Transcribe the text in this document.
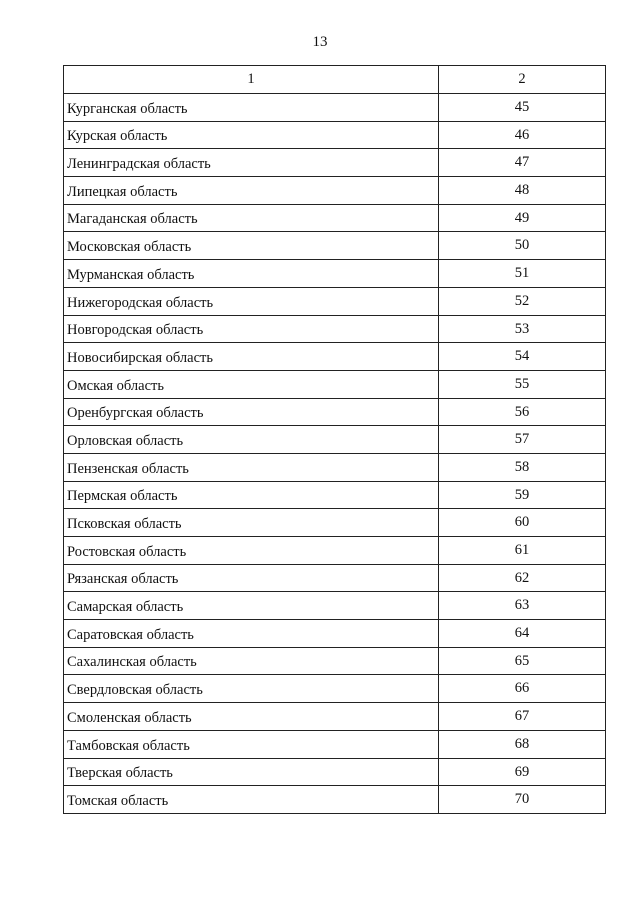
13
1	2
Курганская область	45
Курская область	46
Ленинградская область	47
Липецкая область	48
Магаданская область	49
Московская область	50
Мурманская область	51
Нижегородская область	52
Новгородская область	53
Новосибирская область	54
Омская область	55
Оренбургская область	56
Орловская область	57
Пензенская область	58
Пермская область	59
Псковская область	60
Ростовская область	61
Рязанская область	62
Самарская область	63
Саратовская область	64
Сахалинская область	65
Свердловская область	66
Смоленская область	67
Тамбовская область	68
Тверская область	69
Томская область	70
